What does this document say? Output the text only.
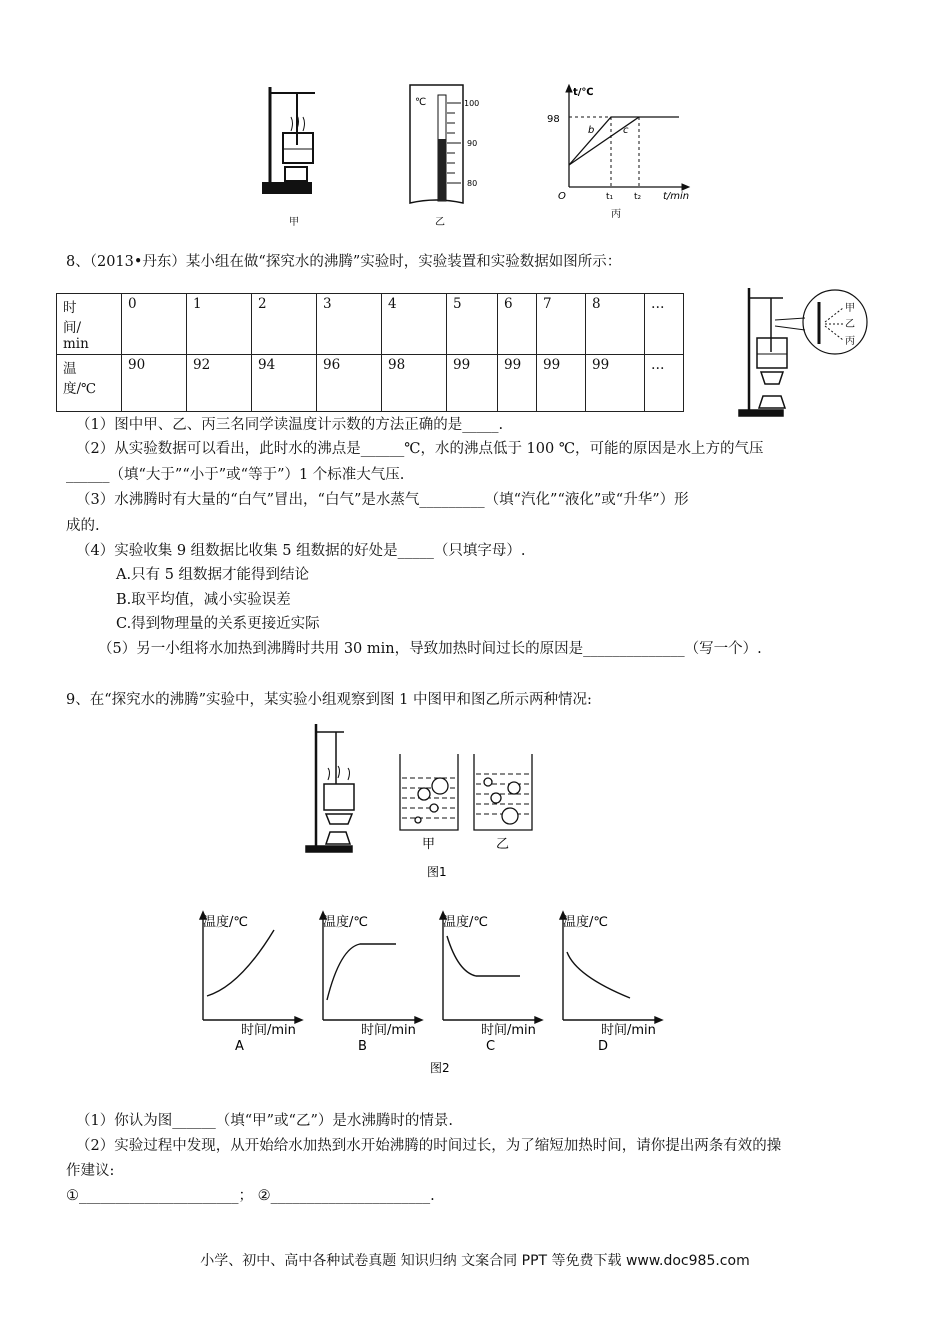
甲
℃	100
90
80
乙
t/℃
98
b	c
O	t₁ t₂ t/min
丙
8、（2013•丹东）某小组在做“探究水的沸腾”实验时，实验装置和实验数据如图所示：
时
间/
min	0	1	2	3	4	5	6	7	8	…

温
度/℃	90	92	94	96	98	99	99	99	99	…
甲
乙
丙
（1）图中甲、乙、丙三名同学读温度计示数的方法正确的是_____.
（2）从实验数据可以看出，此时水的沸点是______℃，水的沸点低于 100 ℃，可能的原因是水上方的气压
______（填“大于”“小于”或“等于”）1 个标准大气压.
（3）水沸腾时有大量的“白气”冒出，“白气”是水蒸气_________（填“汽化”“液化”或“升华”）形
成的.
（4）实验收集 9 组数据比收集 5 组数据的好处是_____（只填字母）.
A.只有 5 组数据才能得到结论
B.取平均值，减小实验误差
C.得到物理量的关系更接近实际
（5）另一小组将水加热到沸腾时共用 30 min，导致加热时间过长的原因是______________（写一个）.
9、在“探究水的沸腾”实验中，某实验小组观察到图 1 中图甲和图乙所示两种情况:
甲	乙
图1
温度/℃	温度/℃	温度/℃	温度/℃
时间/min	时间/min	时间/min	时间/min
A	B	C	D
图2
（1）你认为图______（填“甲”或“乙”）是水沸腾时的情景.
（2）实验过程中发现，从开始给水加热到水开始沸腾的时间过长，为了缩短加热时间，请你提出两条有效的操
作建议:
①______________________； ②______________________.
小学、初中、高中各种试卷真题 知识归纳 文案合同 PPT 等免费下载 www.doc985.com
